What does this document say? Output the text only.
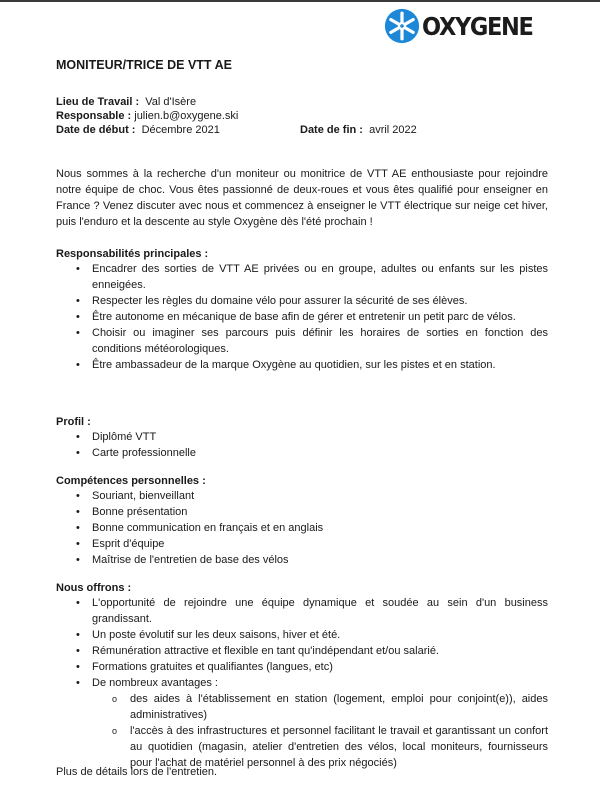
OXYGENE
MONITEUR/TRICE DE VTT AE
Lieu de Travail : Val d'Isère
Responsable : julien.b@oxygene.ski
Date de début : Décembre 2021	Date de fin : avril 2022

Nous sommes à la recherche d'un moniteur ou monitrice de VTT AE enthousiaste pour rejoindre notre équipe de choc. Vous êtes passionné de deux-roues et vous êtes qualifié pour enseigner en France ? Venez discuter avec nous et commencez à enseigner le VTT électrique sur neige cet hiver, puis l'enduro et la descente au style Oxygène dès l'été prochain !

Responsabilités principales :
• Encadrer des sorties de VTT AE privées ou en groupe, adultes ou enfants sur les pistes enneigées.
• Respecter les règles du domaine vélo pour assurer la sécurité de ses élèves.
• Être autonome en mécanique de base afin de gérer et entretenir un petit parc de vélos.
• Choisir ou imaginer ses parcours puis définir les horaires de sorties en fonction des conditions météorologiques.
• Être ambassadeur de la marque Oxygène au quotidien, sur les pistes et en station.
Profil :
• Diplômé VTT
• Carte professionnelle
Compétences personnelles :
• Souriant, bienveillant
• Bonne présentation
• Bonne communication en français et en anglais
• Esprit d'équipe
• Maîtrise de l'entretien de base des vélos
Nous offrons :
• L'opportunité de rejoindre une équipe dynamique et soudée au sein d'un business grandissant.
• Un poste évolutif sur les deux saisons, hiver et été.
• Rémunération attractive et flexible en tant qu'indépendant et/ou salarié.
• Formations gratuites et qualifiantes (langues, etc)
• De nombreux avantages :
o des aides à l'établissement en station (logement, emploi pour conjoint(e)), aides administratives)
o l'accès à des infrastructures et personnel facilitant le travail et garantissant un confort au quotidien (magasin, atelier d'entretien des vélos, local moniteurs, fournisseurs pour l'achat de matériel personnel à des prix négociés)
Plus de détails lors de l'entretien.
